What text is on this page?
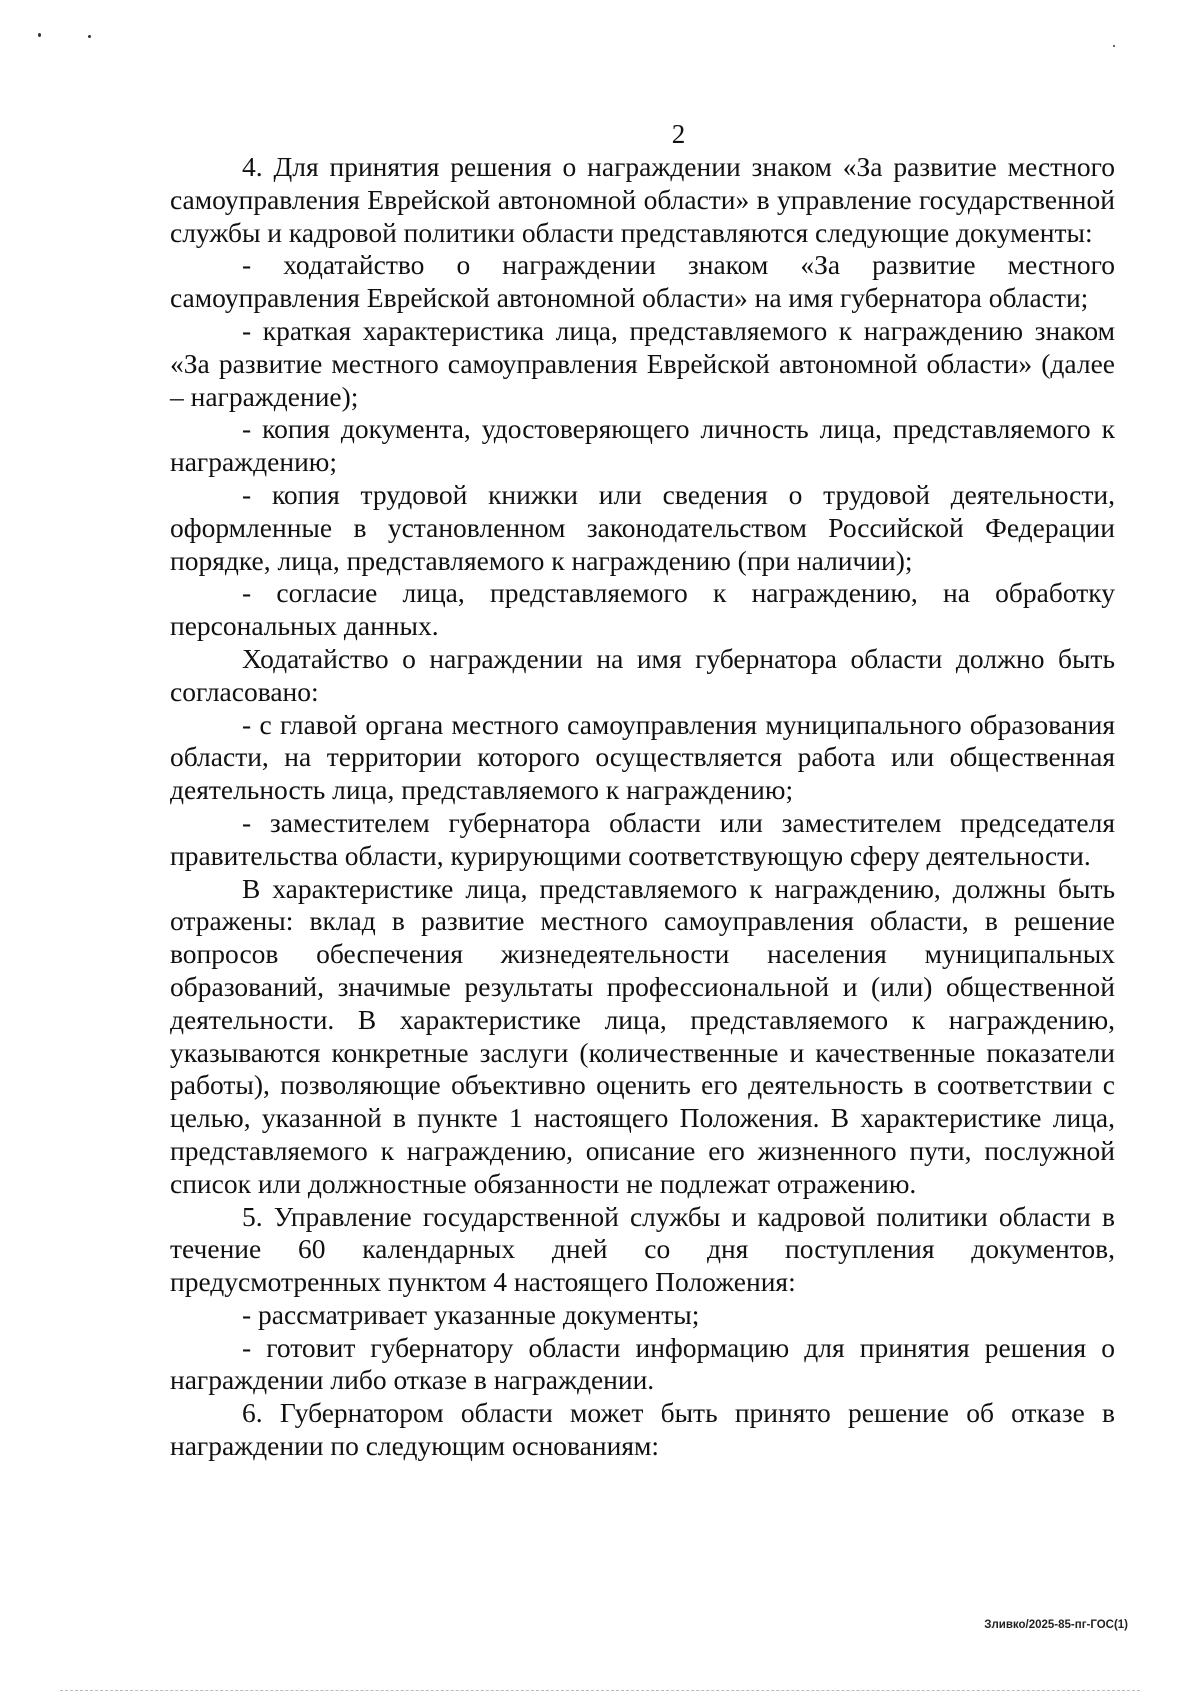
2

4. Для принятия решения о награждении знаком «За развитие местного самоуправления Еврейской автономной области» в управление государственной службы и кадровой политики области представляются следующие документы:

- ходатайство о награждении знаком «За развитие местного самоуправления Еврейской автономной области» на имя губернатора области;

- краткая характеристика лица, представляемого к награждению знаком «За развитие местного самоуправления Еврейской автономной области» (далее – награждение);

- копия документа, удостоверяющего личность лица, представляемого к награждению;

- копия трудовой книжки или сведения о трудовой деятельности, оформленные в установленном законодательством Российской Федерации порядке, лица, представляемого к награждению (при наличии);

- согласие лица, представляемого к награждению, на обработку персональных данных.

Ходатайство о награждении на имя губернатора области должно быть согласовано:

- с главой органа местного самоуправления муниципального образования области, на территории которого осуществляется работа или общественная деятельность лица, представляемого к награждению;

- заместителем губернатора области или заместителем председателя правительства области, курирующими соответствующую сферу деятельности.

В характеристике лица, представляемого к награждению, должны быть отражены: вклад в развитие местного самоуправления области, в решение вопросов обеспечения жизнедеятельности населения муниципальных образований, значимые результаты профессиональной и (или) общественной деятельности. В характеристике лица, представляемого к награждению, указываются конкретные заслуги (количественные и качественные показатели работы), позволяющие объективно оценить его деятельность в соответствии с целью, указанной в пункте 1 настоящего Положения. В характеристике лица, представляемого к награждению, описание его жизненного пути, послужной список или должностные обязанности не подлежат отражению.

5. Управление государственной службы и кадровой политики области в течение 60 календарных дней со дня поступления документов, предусмотренных пунктом 4 настоящего Положения:

- рассматривает указанные документы;

- готовит губернатору области информацию для принятия решения о награждении либо отказе в награждении.

6. Губернатором области может быть принято решение об отказе в награждении по следующим основаниям:

Зливко/2025-85-пг-ГОС(1)
